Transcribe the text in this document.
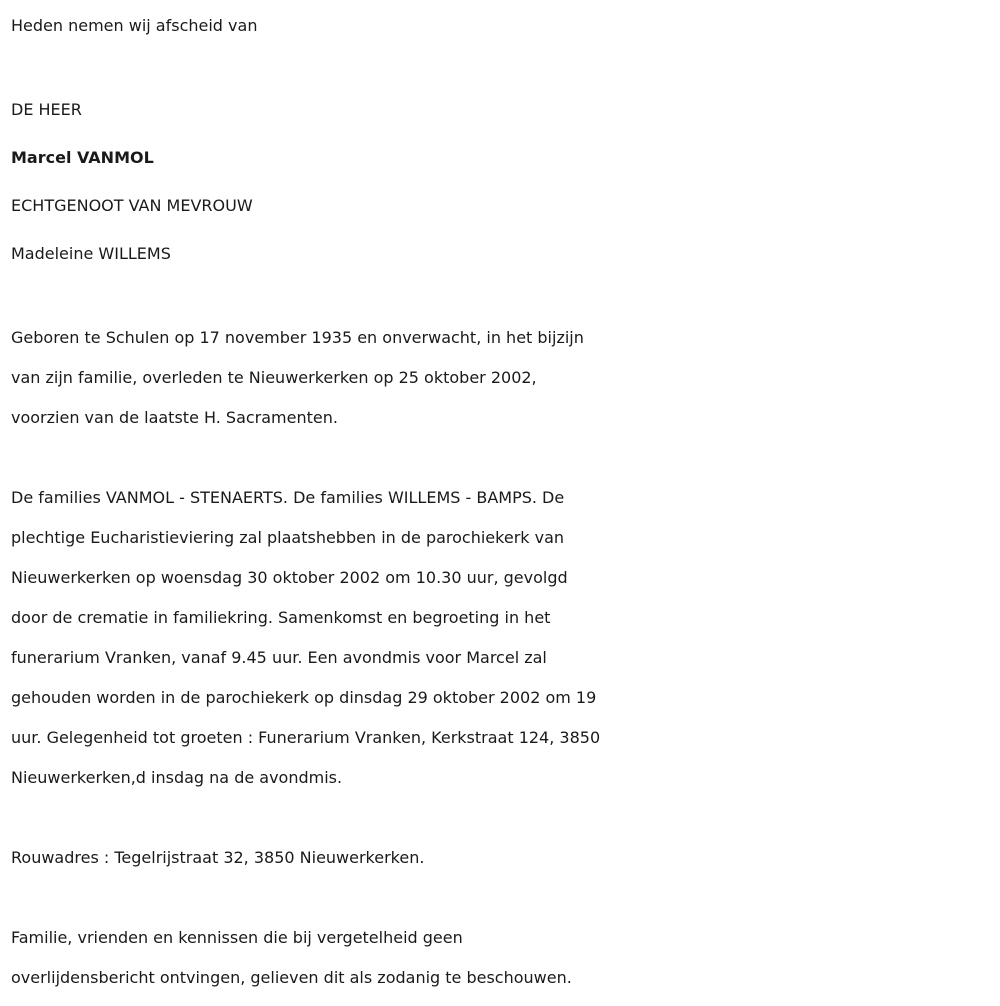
Heden nemen wij afscheid van
DE HEER
Marcel VANMOL
ECHTGENOOT VAN MEVROUW
Madeleine WILLEMS
Geboren te Schulen op 17 november 1935 en onverwacht, in het bijzijn
van zijn familie, overleden te Nieuwerkerken op 25 oktober 2002,
voorzien van de laatste H. Sacramenten.
De families VANMOL - STENAERTS. De families WILLEMS - BAMPS. De
plechtige Eucharistieviering zal plaatshebben in de parochiekerk van
Nieuwerkerken op woensdag 30 oktober 2002 om 10.30 uur, gevolgd
door de crematie in familiekring. Samenkomst en begroeting in het
funerarium Vranken, vanaf 9.45 uur. Een avondmis voor Marcel zal
gehouden worden in de parochiekerk op dinsdag 29 oktober 2002 om 19
uur. Gelegenheid tot groeten : Funerarium Vranken, Kerkstraat 124, 3850
Nieuwerkerken,d insdag na de avondmis.
Rouwadres : Tegelrijstraat 32, 3850 Nieuwerkerken.
Familie, vrienden en kennissen die bij vergetelheid geen
overlijdensbericht ontvingen, gelieven dit als zodanig te beschouwen.
